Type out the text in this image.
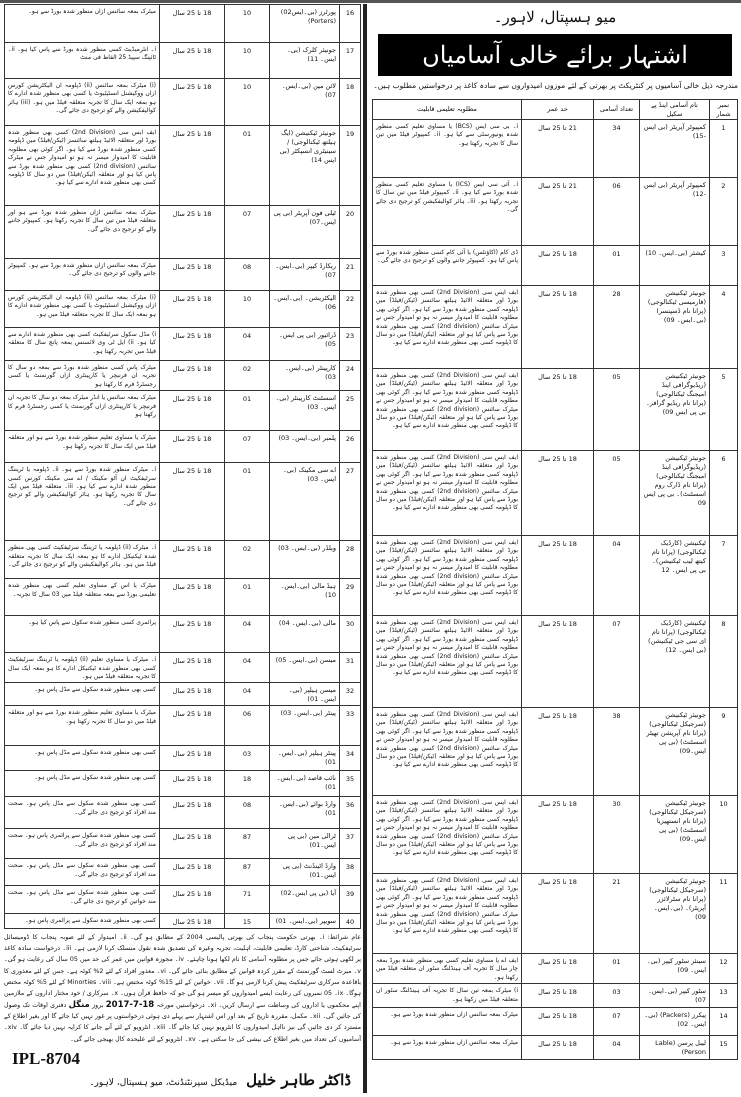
میو ہسپتال، لاہور۔
اشتہار برائے خالی آسامیاں
مندرجہ ذیل خالی آسامیوں پر کنٹریکٹ پر بھرتی کے لئے موزوں امیدواروں سے سادہ کاغذ پر درخواستیں مطلوب ہیں۔
نمبر شمار	نام آسامی اینڈ پے سکیل	تعداد آسامی	حد عمر	مطلوبہ تعلیمی قابلیت
1	کمپیوٹر آپریٹر (بی ایس -15)	34	21 تا 25 سال	i۔ بی سی ایس (BCS) یا مساوی تعلیم کسی منظور شدہ یونیورسٹی سے کیا ہو۔ ii۔ کمپیوٹر فیلڈ میں تین سال کا تجربہ رکھتا ہو۔
2	کمپیوٹر آپریٹر (بی ایس -12)	06	21 تا 25 سال	i۔ آئی سی ایس (ICS) یا مساوی تعلیم کسی منظور شدہ بورڈ سے کیا ہو۔ ii۔ کمپیوٹر فیلڈ میں تین سال کا تجربہ رکھتا ہو۔ iii۔ ہائر کوالیفکیشن کو ترجیح دی جائے گی۔
3	کیشئر (بی۔ایس۔ 10)	01	18 تا 25 سال	ڈی کام (اکاؤنٹس) یا آئی کام کسی منظور شدہ بورڈ سے پاس کیا ہو۔ کمپیوٹر جاننے والوں کو ترجیح دی جائے گی۔
4	جونیئر ٹیکنیشن (فارمیسی ٹیکنالوجی) (پرانا نام ڈسپنسر) (بی۔ایس۔ 09)	28	18 تا 25 سال	ایف ایس سی (2nd Division) کسی بھی منظور شدہ بورڈ اور متعلقہ الائیڈ ہیلتھ سائنسز (ٹیکن/فیلڈ) میں ڈپلومہ کسی منظور شدہ بورڈ سے کیا ہو۔ اگر کوئی بھی مطلوبہ قابلیت کا امیدوار میسر نہ ہو تو امیدوار جس نے میٹرک سائنس (2nd division) کسی بھی منظور شدہ بورڈ سے پاس کیا ہو اور متعلقہ (ٹیکن/فیلڈ) میں دو سال کا ڈپلومہ کسی بھی منظور شدہ ادارے سے کیا ہو۔
5	جونیئر ٹیکنیشن (ریڈیوگرافی اینڈ امیجنگ ٹیکنالوجی) (پرانا نام ریڈیو گرافر۔ بی پی ایس 09)	05	18 تا 25 سال	ایف ایس سی (2nd Division) کسی بھی منظور شدہ بورڈ اور متعلقہ الائیڈ ہیلتھ سائنسز (ٹیکن/فیلڈ) میں ڈپلومہ کسی منظور شدہ بورڈ سے کیا ہو۔ اگر کوئی بھی مطلوبہ قابلیت کا امیدوار میسر نہ ہو تو امیدوار جس نے میٹرک سائنس (2nd division) کسی بھی منظور شدہ بورڈ سے پاس کیا ہو اور متعلقہ (ٹیکن/فیلڈ) میں دو سال کا ڈپلومہ کسی بھی منظور شدہ ادارے سے کیا ہو۔
6	جونیئر ٹیکنیشن (ریڈیوگرافی اینڈ امیجنگ ٹیکنالوجی) (پرانا نام ڈارک روم اسسٹنٹ)۔ بی پی ایس 09	05	18 تا 25 سال	ایف ایس سی (2nd Division) کسی بھی منظور شدہ بورڈ اور متعلقہ الائیڈ ہیلتھ سائنسز (ٹیکن/فیلڈ) میں ڈپلومہ کسی منظور شدہ بورڈ سے کیا ہو۔ اگر کوئی بھی مطلوبہ قابلیت کا امیدوار میسر نہ ہو تو امیدوار جس نے میٹرک سائنس (2nd division) کسی بھی منظور شدہ بورڈ سے پاس کیا ہو اور متعلقہ (ٹیکن/فیلڈ) میں دو سال کا ڈپلومہ کسی بھی منظور شدہ ادارے سے کیا ہو۔
7	ٹیکنیشن (کارڈیک ٹیکنالوجی) (پرانا نام کیتھ لیب ٹیکنیشن)۔ بی پی ایس۔ 12	04	18 تا 25 سال	ایف ایس سی (2nd Division) کسی بھی منظور شدہ بورڈ اور متعلقہ الائیڈ ہیلتھ سائنسز (ٹیکن/فیلڈ) میں ڈپلومہ کسی منظور شدہ بورڈ سے کیا ہو۔ اگر کوئی بھی مطلوبہ قابلیت کا امیدوار میسر نہ ہو تو امیدوار جس نے میٹرک سائنس (2nd division) کسی بھی منظور شدہ بورڈ سے پاس کیا ہو اور متعلقہ (ٹیکن/فیلڈ) میں دو سال کا ڈپلومہ کسی بھی منظور شدہ ادارے سے کیا ہو۔
8	ٹیکنیشن (کارڈیک ٹیکنالوجی) (پرانا نام ای سی جی ٹیکنیشن) (بی ایس۔ 12)	07	18 تا 25 سال	ایف ایس سی (2nd Division) کسی بھی منظور شدہ بورڈ اور متعلقہ الائیڈ ہیلتھ سائنسز (ٹیکن/فیلڈ) میں ڈپلومہ کسی منظور شدہ بورڈ سے کیا ہو۔ اگر کوئی بھی مطلوبہ قابلیت کا امیدوار میسر نہ ہو تو امیدوار جس نے میٹرک سائنس (2nd division) کسی بھی منظور شدہ بورڈ سے پاس کیا ہو اور متعلقہ (ٹیکن/فیلڈ) میں دو سال کا ڈپلومہ کسی بھی منظور شدہ ادارے سے کیا ہو۔
9	جونیئر ٹیکنیشن (سرجیکل ٹیکنالوجی) (پرانا نام آپریشن تھیٹر اسسٹنٹ) (بی پی ایس۔09)	38	18 تا 25 سال	ایف ایس سی (2nd Division) کسی بھی منظور شدہ بورڈ اور متعلقہ الائیڈ ہیلتھ سائنسز (ٹیکن/فیلڈ) میں ڈپلومہ کسی منظور شدہ بورڈ سے کیا ہو۔ اگر کوئی بھی مطلوبہ قابلیت کا امیدوار میسر نہ ہو تو امیدوار جس نے میٹرک سائنس (2nd division) کسی بھی منظور شدہ بورڈ سے پاس کیا ہو اور متعلقہ (ٹیکن/فیلڈ) میں دو سال کا ڈپلومہ کسی بھی منظور شدہ ادارے سے کیا ہو۔
10	جونیئر ٹیکنیشن (سرجیکل ٹیکنالوجی) (پرانا نام انستھیزیا اسسٹنٹ) (بی پی ایس۔09)	30	18 تا 25 سال	ایف ایس سی (2nd Division) کسی بھی منظور شدہ بورڈ اور متعلقہ الائیڈ ہیلتھ سائنسز (ٹیکن/فیلڈ) میں ڈپلومہ کسی منظور شدہ بورڈ سے کیا ہو۔ اگر کوئی بھی مطلوبہ قابلیت کا امیدوار میسر نہ ہو تو امیدوار جس نے میٹرک سائنس (2nd division) کسی بھی منظور شدہ بورڈ سے پاس کیا ہو اور متعلقہ (ٹیکن/فیلڈ) میں دو سال کا ڈپلومہ کسی بھی منظور شدہ ادارے سے کیا ہو۔
11	جونیئر ٹیکنیشن (سرجیکل ٹیکنالوجی) (پرانا نام سٹرلائزر آپریٹر)۔ (بی۔ایس۔09)	21	18 تا 25 سال	ایف ایس سی (2nd Division) کسی بھی منظور شدہ بورڈ اور متعلقہ الائیڈ ہیلتھ سائنسز (ٹیکن/فیلڈ) میں ڈپلومہ کسی منظور شدہ بورڈ سے کیا ہو۔ اگر کوئی بھی مطلوبہ قابلیت کا امیدوار میسر نہ ہو تو امیدوار جس نے میٹرک سائنس (2nd division) کسی بھی منظور شدہ بورڈ سے پاس کیا ہو اور متعلقہ (ٹیکن/فیلڈ) میں دو سال کا ڈپلومہ کسی بھی منظور شدہ ادارے سے کیا ہو۔
12	سینئر سٹور کیپر (بی۔ایس۔ 09)	01	18 تا 25 سال	ایف اے یا مساوی تعلیم کسی بھی منظور شدہ بورڈ بمعہ چار سال کا تجربہ آف ہینڈلنگ سٹور ان متعلقہ فیلڈ میں رکھتا ہو۔
13	سٹور کیپر (بی۔ایس۔ 07)	03	18 تا 25 سال	i) میٹرک بمعہ تین سال کا تجربہ آف ہینڈلنگ سٹور ان متعلقہ فیلڈ میں رکھتا ہو۔
14	پیکرز (Packers) (بی۔ایس۔ 02)	07	18 تا 25 سال	میٹرک بمعہ سائنس ازاں منظور شدہ بورڈ سے ہو۔
15	لیبل پرسن (Lable Person)	04	18 تا 25 سال	میٹرک بمعہ سائنس ازاں منظور شدہ بورڈ سے ہو۔
16	پورٹرز (بی۔ایس02) (Porters)	10	18 تا 25 سال	میٹرک بمعہ سائنس ازاں منظور شدہ بورڈ سے ہو۔
17	جونیئر کلرک (بی۔ایس۔ 11)	10	18 تا 25 سال	i۔ انٹرمیڈیٹ کسی منظور شدہ بورڈ سے پاس کیا ہو۔ ii۔ ٹائپنگ سپیڈ 25 الفاظ فی منٹ
18	لائن مین (بی۔ایس۔ 07)	10	18 تا 25 سال	(i) میٹرک بمعہ سائنس (ii) ڈپلومہ ان الیکٹریشن کورس ازاں ووکیشنل انسٹیٹیوٹ یا کسی بھی منظور شدہ ادارے کا ہو بمعہ ایک سال کا تجربہ متعلقہ فیلڈ میں ہو۔ (iii) ہائر کوالیفکیشن والے کو ترجیح دی جائے گی۔
19	جونیئر ٹیکنیشن (ایگ ہیلتھ ٹیکنالوجی) / سینیٹری انسپکٹر (بی ایس 14)	01	18 تا 25 سال	ایف ایس سی (2nd Division) کسی بھی منظور شدہ بورڈ اور متعلقہ الائیڈ ہیلتھ سائنسز (ٹیکن/فیلڈ) میں ڈپلومہ کسی منظور شدہ بورڈ سے کیا ہو۔ اگر کوئی بھی مطلوبہ قابلیت کا امیدوار میسر نہ ہو تو امیدوار جس نے میٹرک سائنس (2nd division) کسی بھی منظور شدہ بورڈ سے پاس کیا ہو اور متعلقہ (ٹیکن/فیلڈ) میں دو سال کا ڈپلومہ کسی بھی منظور شدہ ادارے سے کیا ہو۔
20	ٹیلی فون آپریٹر (بی پی ایس۔07)	07	18 تا 25 سال	میٹرک بمعہ سائنس ازاں منظور شدہ بورڈ سے ہو اور متعلقہ فیلڈ میں تین سال کا تجربہ رکھتا ہو۔ کمپیوٹر جاننے والے کو ترجیح دی جائے گی۔
21	ریکارڈ کیپر (بی۔ایس۔ 07)	08	18 تا 25 سال	میٹرک بمعہ سائنس ازاں منظور شدہ بورڈ سے ہو۔ کمپیوٹر جاننے والوں کو ترجیح دی جائے گی۔
22	الیکٹریشن۔ (بی۔ایس۔ 06)	10	18 تا 25 سال	(i) میٹرک بمعہ سائنس (ii) ڈپلومہ ان الیکٹریشن کورس ازاں ووکیشنل انسٹیٹیوٹ یا کسی بھی منظور شدہ ادارے کا ہو بمعہ ایک سال کا تجربہ متعلقہ فیلڈ میں ہو۔
23	ڈرائیور (بی پی ایس۔05)	04	18 تا 25 سال	i) مڈل سکول سرٹیفکیٹ کسی بھی منظور شدہ ادارے سے کیا ہو۔ ii) ایل ٹی وی لائسنس بمعہ پانچ سال کا متعلقہ فیلڈ میں تجربہ رکھتا ہو۔
24	کارپینٹر (بی۔ایس۔ 03)	02	18 تا 25 سال	میٹرک پاس کسی منظور شدہ بورڈ سے بمعہ دو سال کا تجربہ ان فرنیچر یا کارپینٹری ازاں گورنمنٹ یا کسی رجسٹرڈ فرم کا رکھتا ہو
25	اسسٹنٹ کارپینٹر (بی۔ایس۔ 03)	01	18 تا 25 سال	میٹرک بمعہ سائنس یا انڈر میٹرک بمعہ دو سال کا تجربہ ان فرنیچر یا کارپینٹری ازاں گورنمنٹ یا کسی رجسٹرڈ فرم کا رکھتا ہو
26	پلمبر (بی۔ایس۔ 03)	07	18 تا 25 سال	میٹرک یا مساوی تعلیم منظور شدہ بورڈ سے ہو اور متعلقہ فیلڈ میں ایک سال کا تجربہ رکھتا ہو۔
27	اے سی مکینک (بی۔ایس۔ 03)	01	18 تا 25 سال	i۔ میٹرک منظور شدہ بورڈ سے ہو۔ ii۔ ڈپلومہ یا ٹریننگ سرٹیفکیٹ ان آٹو مکینک / اے سی مکینک کورس کسی منظور شدہ ادارے سے کیا ہو۔ iii۔ متعلقہ فیلڈ میں ایک سال کا تجربہ رکھتا ہو۔ ہائر کوالیفکیشن والے کو ترجیح دی جائے گی۔
28	ویلڈر (بی۔ایس۔ 03)	02	18 تا 25 سال	i۔ میٹرک (ii) ڈپلومہ یا ٹریننگ سرٹیفکیٹ کسی بھی منظور شدہ ٹیکنیکل ادارے کا ہو بمعہ ایک سال کا تجربہ متعلقہ فیلڈ میں ہو۔ ہائر کوالیفکیشن والے کو ترجیح دی جائے گی۔
29	ہیڈ مالی (بی۔ایس۔ 10)	01	18 تا 25 سال	میٹرک یا اس کے مساوی تعلیم کسی بھی منظور شدہ تعلیمی بورڈ سے بمعہ متعلقہ فیلڈ میں 03 سال کا تجربہ۔
30	مالی (بی۔ایس۔ 04)	04	18 تا 25 سال	پرائمری کسی منظور شدہ سکول سے پاس کیا ہو۔
31	میسن (بی۔ایس۔ 05)	04	18 تا 25 سال	i۔ میٹرک یا مساوی تعلیم (ii) ڈپلومہ یا ٹریننگ سرٹیفکیٹ کسی بھی منظور شدہ ٹیکنیکل ادارے کا ہو بمعہ ایک سال کا تجربہ متعلقہ فیلڈ میں ہو۔
32	میسن ہیلپر (بی۔ایس۔ 01)	04	18 تا 25 سال	کسی بھی منظور شدہ سکول سے مڈل پاس ہو۔
33	پینٹر (بی۔ایس۔ 03)	06	18 تا 25 سال	میٹرک یا مساوی تعلیم منظور شدہ بورڈ سے ہو اور متعلقہ فیلڈ میں دو سال کا تجربہ رکھتا ہو۔
34	پینٹر ہیلپر (بی۔ایس۔ 01)	03	18 تا 25 سال	کسی بھی منظور شدہ سکول سے مڈل پاس ہو۔
35	نائب قاصد (بی۔ایس۔ 01)	18	18 تا 25 سال	کسی بھی منظور شدہ سکول سے مڈل پاس ہو۔
36	وارڈ بوائے (بی۔ایس۔ 01)	08	18 تا 25 سال	کسی بھی منظور شدہ سکول سے مڈل پاس ہو۔ صحت مند افراد کو ترجیح دی جائے گی۔
37	ٹرالی مین (بی پی ایس۔01)	87	18 تا 25 سال	کسی بھی منظور شدہ سکول سے پرائمری پاس ہو۔ صحت مند افراد کو ترجیح دی جائے گی۔
38	وارڈ اٹینڈنٹ (بی پی ایس۔01)	87	18 تا 25 سال	کسی بھی منظور شدہ سکول سے مڈل پاس ہو۔ صحت مند افراد کو ترجیح دی جائے گی۔
39	آیا (بی پی ایس۔02)	71	18 تا 25 سال	کسی بھی منظور شدہ سکول سے مڈل پاس ہو۔ صحت مند خواتین کو ترجیح دی جائے گی۔
40	سویپر (بی۔ایس۔ 01)	15	18 تا 25 سال	کسی بھی منظور شدہ سکول سے پرائمری پاس ہو۔
عام شرائط: i۔ بھرتی حکومت پنجاب کی بھرتی پالیسی 2004 کے مطابق ہو گی۔ ii۔ امیدوار کے لئے صوبہ پنجاب کا ڈومیسائل سرٹیفکیٹ، شناختی کارڈ، تعلیمی قابلیت، اہلیت، تجربہ وغیرہ کی تصدیق شدہ نقول منسلک کرنا لازمی ہے۔ iii۔ درخواست سادہ کاغذ پر لکھی ہوئی جائے جس پر مطلوبہ آسامی کا نام لکھا ہونا چاہئے۔ iv۔ مجوزہ قوانین میں عمر کی حد میں 05 سال کی رعایت ہو گی۔ v۔ میرٹ لسٹ گورنمنٹ کے مقرر کردہ قوانین کے مطابق بنائی جائے گی۔ vi۔ معذور افراد کے لئے 2% کوٹہ ہے۔ جس کے لئے معذوری کا باقاعدہ سرکاری سرٹیفکیٹ پیش کرنا لازمی ہو گا۔ vii۔ خواتین کے لئے 15% کوٹہ مختص ہے۔ viii۔ Minorties کے لئے 5% کوٹہ مختص ہوگا۔ ix۔ 05 نمبروں کی رعایت ایسے امیدواروں کو میسر ہو گی جو کہ حافظ قرآن ہوں۔ x۔ سرکاری / خود مختار اداروں کے ملازمین اپنے محکموں یا اداروں کی وساطت سے ارسال کریں۔ xi۔ درخواستیں مورخہ 18-7-2017 بروز منگل دفتری اوقات تک وصول کی جائیں گی۔ xii۔ مکمل، مقررہ تاریخ کے بعد اور اس اشتہار سے پہلے دی ہوئی درخواستوں پر غور نہیں کیا جائے گا اور بغیر اطلاع کے مسترد کر دی جائیں گی نیز نااہل امیدواروں کا انٹرویو نہیں کیا جائے گا۔ xiii۔ انٹرویو کے لئے آنے جانے کا کرایہ نہیں دیا جائے گا۔ xiv۔ آسامیوں کی تعداد میں بغیر اطلاع کی بیشی کی جا سکتی ہے۔ xv۔ انٹرویو کے لئے علیحدہ کال بھیجی جائے گی۔
IPL-8704
ڈاکٹر طاہر خلیل میڈیکل سپرنٹنڈنٹ، میو ہسپتال، لاہور۔
